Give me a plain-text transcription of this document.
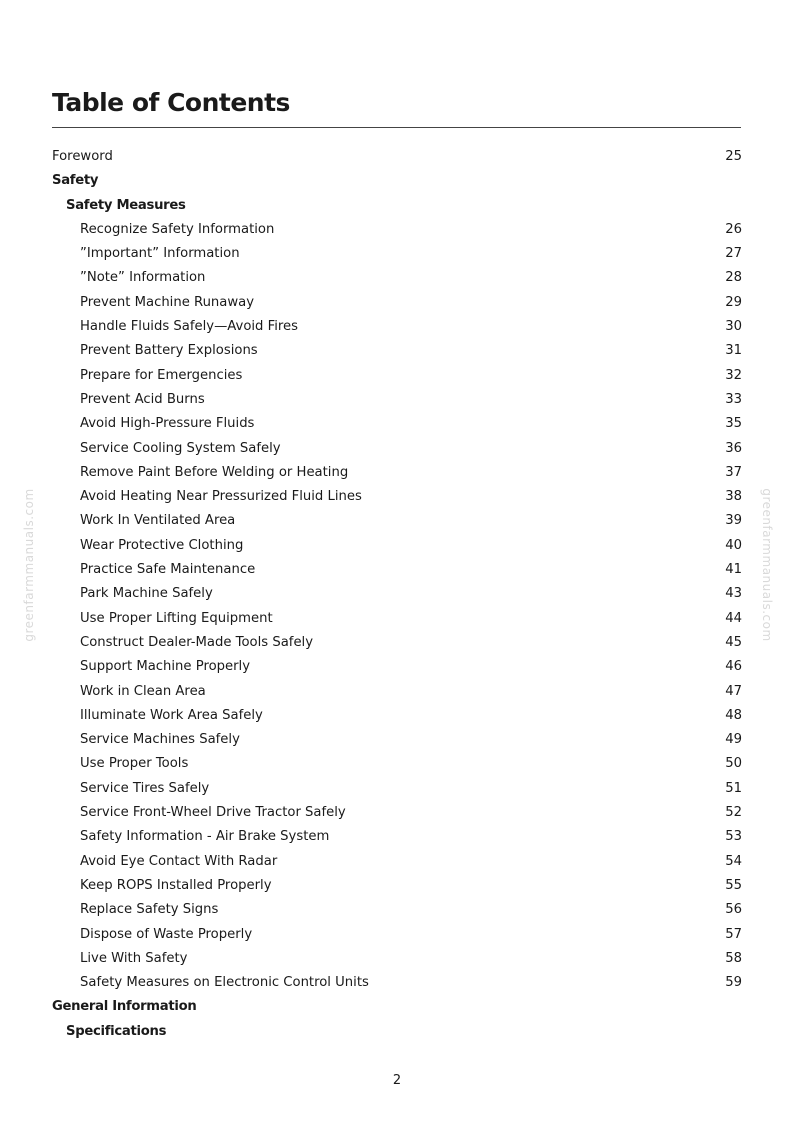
Table of Contents
Foreword	25
Safety
Safety Measures
Recognize Safety Information	26
”Important” Information	27
”Note” Information	28
Prevent Machine Runaway	29
Handle Fluids Safely—Avoid Fires	30
Prevent Battery Explosions	31
Prepare for Emergencies	32
Prevent Acid Burns	33
Avoid High-Pressure Fluids	35
Service Cooling System Safely	36
Remove Paint Before Welding or Heating	37
Avoid Heating Near Pressurized Fluid Lines	38
Work In Ventilated Area	39
Wear Protective Clothing	40
Practice Safe Maintenance	41
Park Machine Safely	43
Use Proper Lifting Equipment	44
Construct Dealer-Made Tools Safely	45
Support Machine Properly	46
Work in Clean Area	47
Illuminate Work Area Safely	48
Service Machines Safely	49
Use Proper Tools	50
Service Tires Safely	51
Service Front-Wheel Drive Tractor Safely	52
Safety Information - Air Brake System	53
Avoid Eye Contact With Radar	54
Keep ROPS Installed Properly	55
Replace Safety Signs	56
Dispose of Waste Properly	57
Live With Safety	58
Safety Measures on Electronic Control Units	59
General Information
Specifications
greenfarmmanuals.com	greenfarmmanuals.com
2
